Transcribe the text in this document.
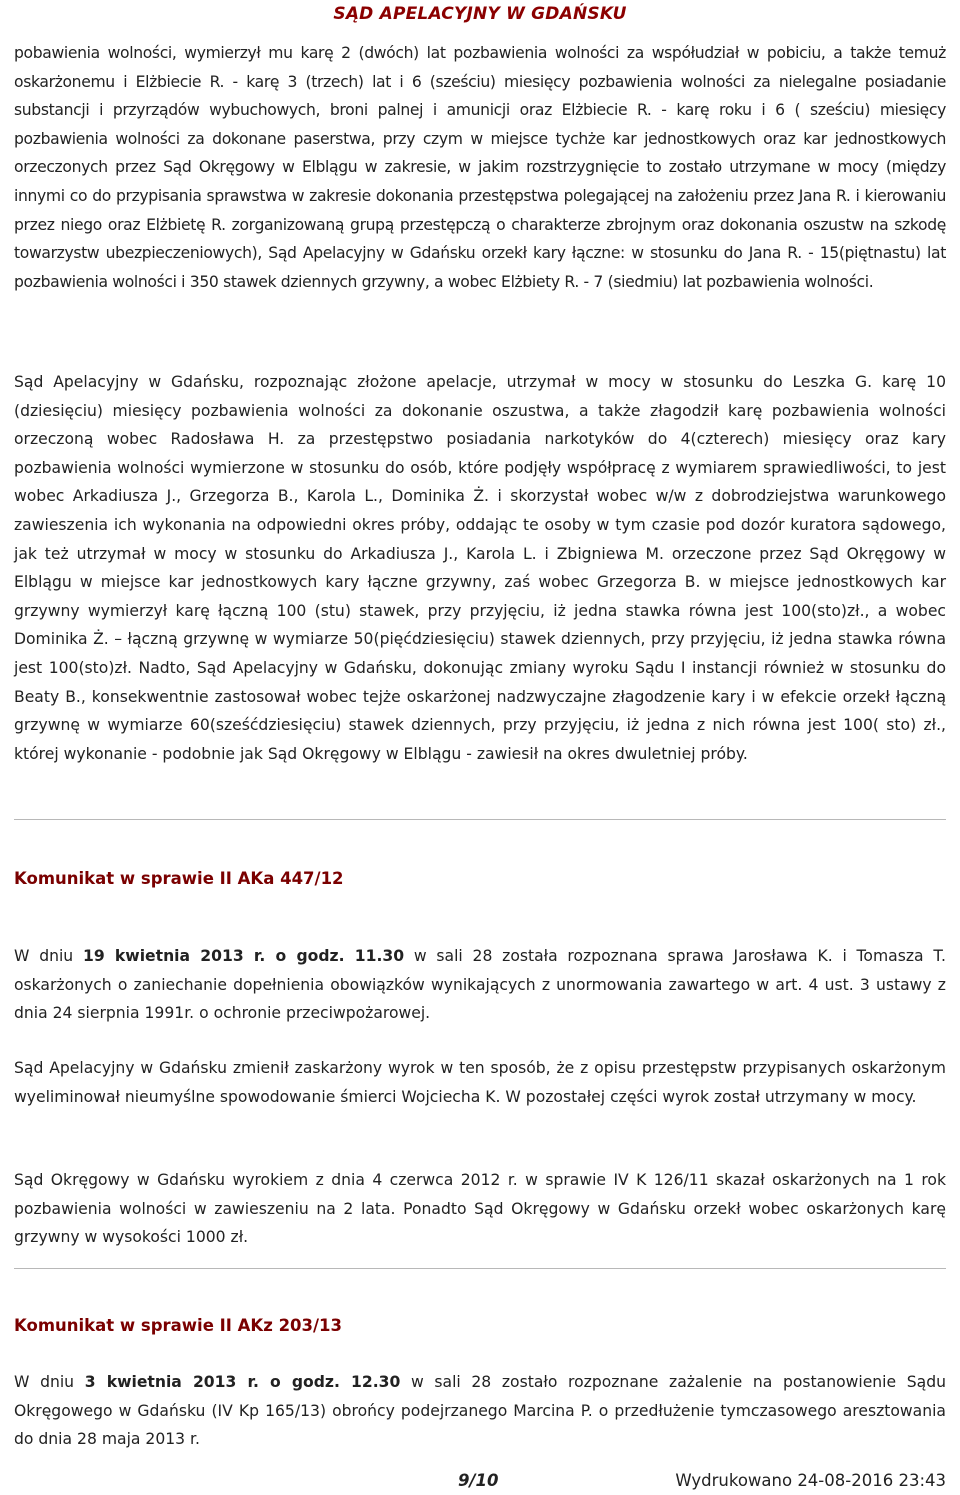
SĄD APELACYJNY W GDAŃSKU

pobawienia wolności, wymierzył mu karę 2 (dwóch) lat pozbawienia wolności za współudział w pobiciu, a także temuż oskarżonemu i Elżbiecie R. - karę 3 (trzech) lat i 6 (sześciu) miesięcy pozbawienia wolności za nielegalne posiadanie substancji i przyrządów wybuchowych, broni palnej i amunicji oraz Elżbiecie R. - karę roku i 6 ( sześciu) miesięcy pozbawienia wolności za dokonane paserstwa, przy czym w miejsce tychże kar jednostkowych oraz kar jednostkowych orzeczonych przez Sąd Okręgowy w Elblągu w zakresie, w jakim rozstrzygnięcie to zostało utrzymane w mocy (między innymi co do przypisania sprawstwa w zakresie dokonania przestępstwa polegającej na założeniu przez Jana R. i kierowaniu przez niego oraz Elżbietę R. zorganizowaną grupą przestępczą o charakterze zbrojnym oraz dokonania oszustw na szkodę towarzystw ubezpieczeniowych), Sąd Apelacyjny w Gdańsku orzekł kary łączne: w stosunku do Jana R. - 15(piętnastu) lat pozbawienia wolności i 350 stawek dziennych grzywny, a wobec Elżbiety R. - 7 (siedmiu) lat pozbawienia wolności.

Sąd Apelacyjny w Gdańsku, rozpoznając złożone apelacje, utrzymał w mocy w stosunku do Leszka G. karę 10 (dziesięciu) miesięcy pozbawienia wolności za dokonanie oszustwa, a także złagodził karę pozbawienia wolności orzeczoną wobec Radosława H. za przestępstwo posiadania narkotyków do 4(czterech) miesięcy oraz kary pozbawienia wolności wymierzone w stosunku do osób, które podjęły współpracę z wymiarem sprawiedliwości, to jest wobec Arkadiusza J., Grzegorza B., Karola L., Dominika Ż. i skorzystał wobec w/w z dobrodziejstwa warunkowego zawieszenia ich wykonania na odpowiedni okres próby, oddając te osoby w tym czasie pod dozór kuratora sądowego, jak też utrzymał w mocy w stosunku do Arkadiusza J., Karola L. i Zbigniewa M. orzeczone przez Sąd Okręgowy w Elblągu w miejsce kar jednostkowych kary łączne grzywny, zaś wobec Grzegorza B. w miejsce jednostkowych kar grzywny wymierzył karę łączną 100 (stu) stawek, przy przyjęciu, iż jedna stawka równa jest 100(sto)zł., a wobec Dominika Ż. – łączną grzywnę w wymiarze 50(pięćdziesięciu) stawek dziennych, przy przyjęciu, iż jedna stawka równa jest 100(sto)zł. Nadto, Sąd Apelacyjny w Gdańsku, dokonując zmiany wyroku Sądu I instancji również w stosunku do Beaty B., konsekwentnie zastosował wobec tejże oskarżonej nadzwyczajne złagodzenie kary i w efekcie orzekł łączną grzywnę w wymiarze 60(sześćdziesięciu) stawek dziennych, przy przyjęciu, iż jedna z nich równa jest 100( sto) zł., której wykonanie - podobnie jak Sąd Okręgowy w Elblągu - zawiesił na okres dwuletniej próby.

Komunikat w sprawie II AKa 447/12

W dniu 19 kwietnia 2013 r. o godz. 11.30 w sali 28 została rozpoznana sprawa Jarosława K. i Tomasza T. oskarżonych o zaniechanie dopełnienia obowiązków wynikających z unormowania zawartego w art. 4 ust. 3 ustawy z dnia 24 sierpnia 1991r. o ochronie przeciwpożarowej.

Sąd Apelacyjny w Gdańsku zmienił zaskarżony wyrok w ten sposób, że z opisu przestępstw przypisanych oskarżonym wyeliminował nieumyślne spowodowanie śmierci Wojciecha K. W pozostałej części wyrok został utrzymany w mocy.

Sąd Okręgowy w Gdańsku wyrokiem z dnia 4 czerwca 2012 r. w sprawie IV K 126/11 skazał oskarżonych na 1 rok pozbawienia wolności w zawieszeniu na 2 lata. Ponadto Sąd Okręgowy w Gdańsku orzekł wobec oskarżonych karę grzywny w wysokości 1000 zł.

Komunikat w sprawie II AKz 203/13

W dniu 3 kwietnia 2013 r. o godz. 12.30 w sali 28 zostało rozpoznane zażalenie na postanowienie Sądu Okręgowego w Gdańsku (IV Kp 165/13) obrońcy podejrzanego Marcina P. o przedłużenie tymczasowego aresztowania do dnia 28 maja 2013 r.

9/10	Wydrukowano 24-08-2016 23:43
